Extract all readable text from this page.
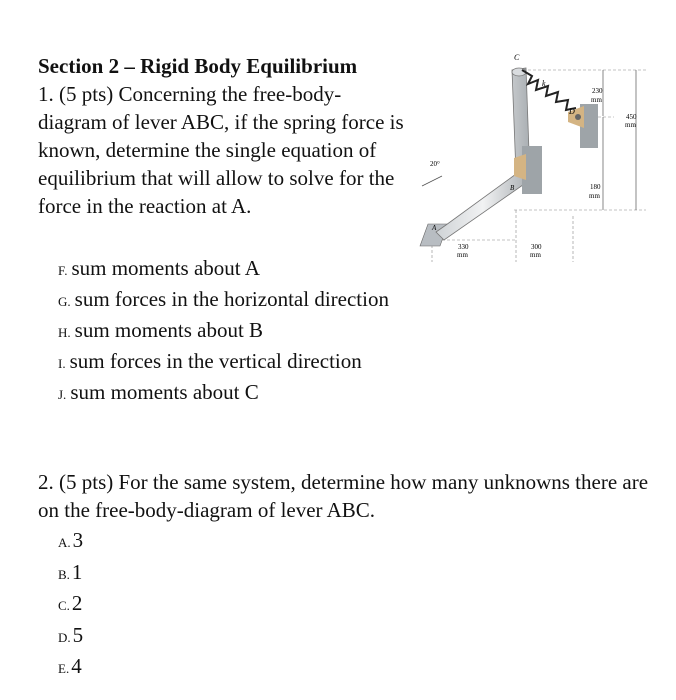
Section 2 – Rigid Body Equilibrium
1. (5 pts) Concerning the free-body-diagram of lever ABC, if the spring force is known, determine the single equation of equilibrium that will allow to solve for the force in the reaction at A.
F. sum moments about A
G. sum forces in the horizontal direction
H. sum moments about B
I. sum forces in the vertical direction
J. sum moments about C
2. (5 pts) For the same system, determine how many unknowns there are on the free-body-diagram of lever ABC.
A.3
B.1
C.2
D.5
E.4
C
k
D
B
A
20°
230
mm
450
mm
180
mm
330
mm
300
mm
